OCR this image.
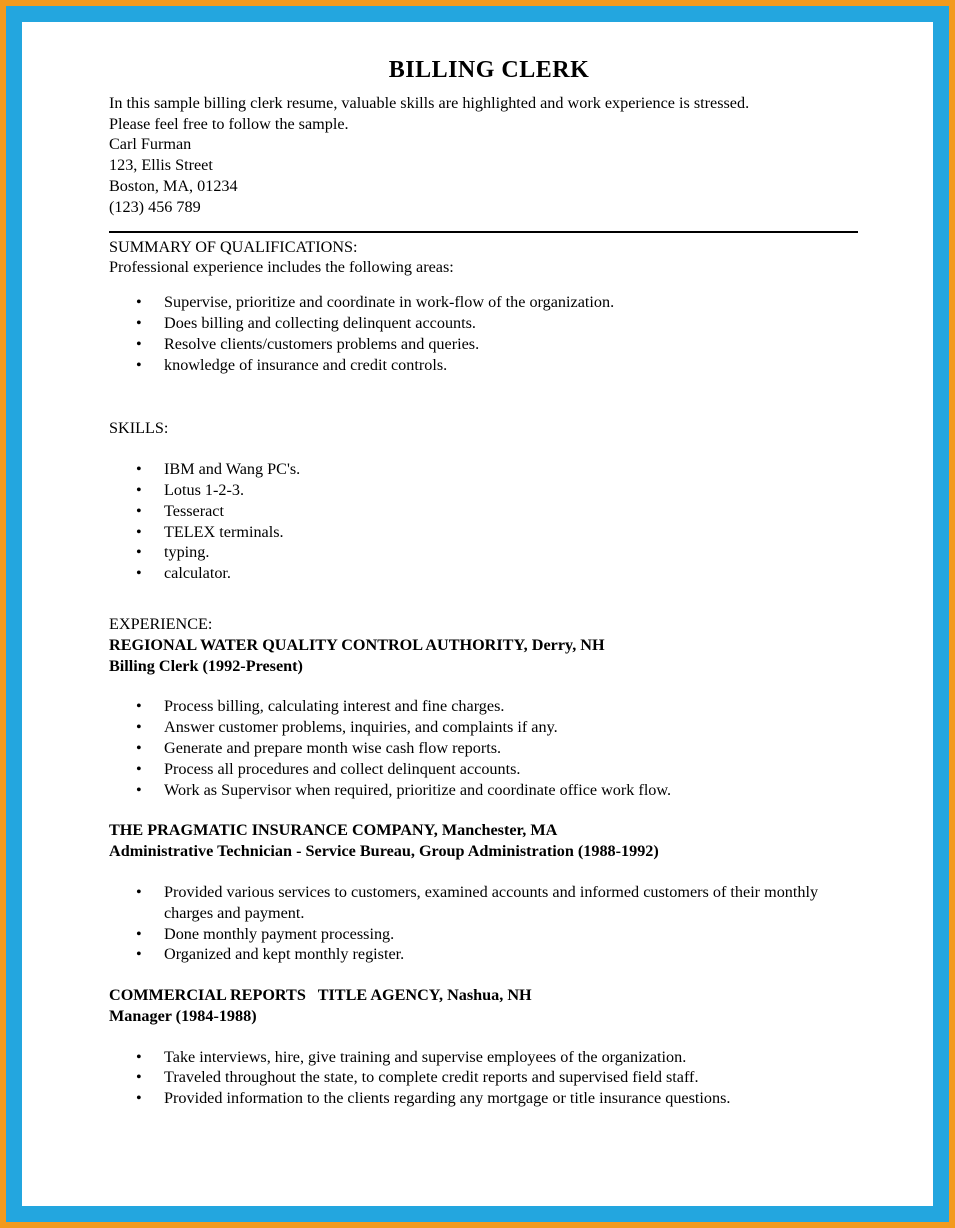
BILLING CLERK
In this sample billing clerk resume, valuable skills are highlighted and work experience is stressed.
Please feel free to follow the sample.
Carl Furman
123, Ellis Street
Boston, MA, 01234
(123) 456 789
SUMMARY OF QUALIFICATIONS:
Professional experience includes the following areas:
• Supervise, prioritize and coordinate in work-flow of the organization.
• Does billing and collecting delinquent accounts.
• Resolve clients/customers problems and queries.
• knowledge of insurance and credit controls.
SKILLS:
• IBM and Wang PC's.
• Lotus 1-2-3.
• Tesseract
• TELEX terminals.
• typing.
• calculator.
EXPERIENCE:
REGIONAL WATER QUALITY CONTROL AUTHORITY, Derry, NH
Billing Clerk (1992-Present)
• Process billing, calculating interest and fine charges.
• Answer customer problems, inquiries, and complaints if any.
• Generate and prepare month wise cash flow reports.
• Process all procedures and collect delinquent accounts.
• Work as Supervisor when required, prioritize and coordinate office work flow.
THE PRAGMATIC INSURANCE COMPANY, Manchester, MA
Administrative Technician - Service Bureau, Group Administration (1988-1992)
• Provided various services to customers, examined accounts and informed customers of their monthly charges and payment.
• Done monthly payment processing.
• Organized and kept monthly register.
COMMERCIAL REPORTS   TITLE AGENCY, Nashua, NH
Manager (1984-1988)
• Take interviews, hire, give training and supervise employees of the organization.
• Traveled throughout the state, to complete credit reports and supervised field staff.
• Provided information to the clients regarding any mortgage or title insurance questions.
